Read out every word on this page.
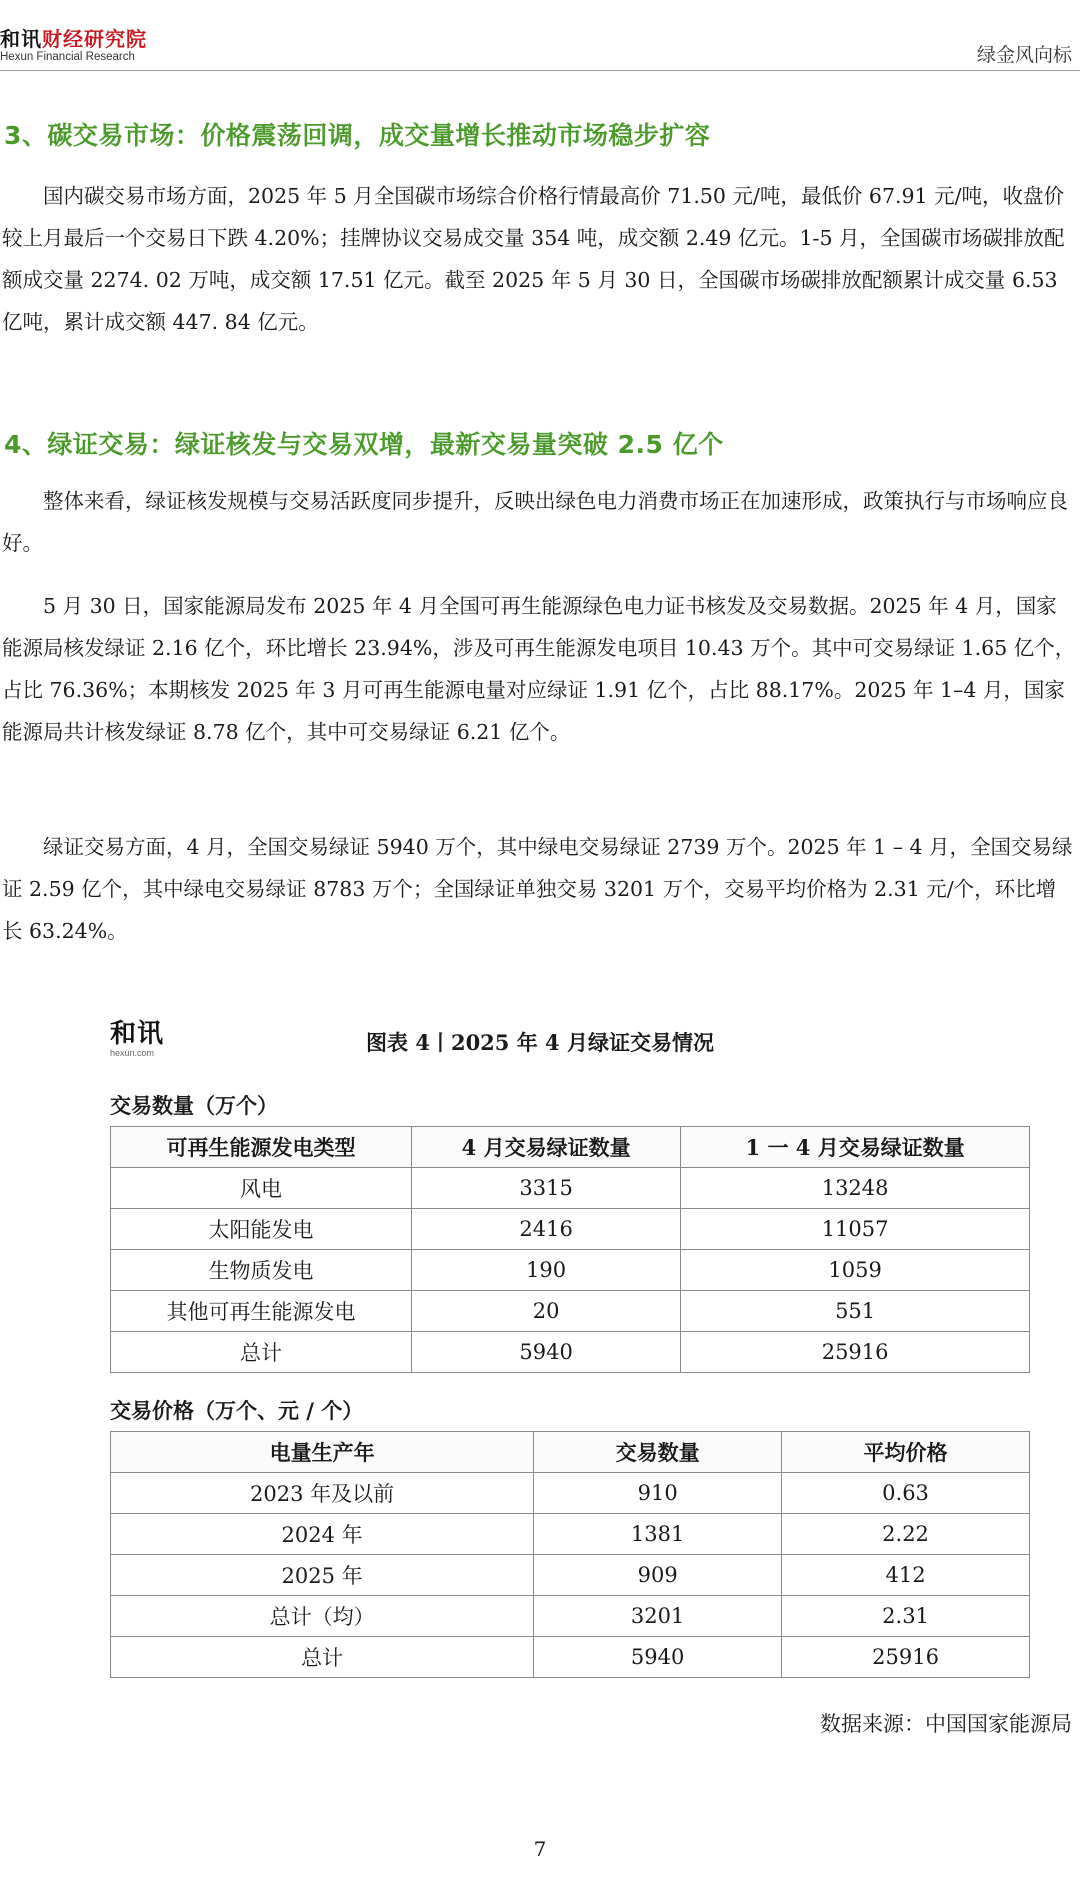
和讯财经研究院
Hexun Financial Research	绿金风向标
3、碳交易市场：价格震荡回调，成交量增长推动市场稳步扩容
国内碳交易市场方面，2025 年 5 月全国碳市场综合价格行情最高价 71.50 元/吨，最低价 67.91 元/吨，收盘价较上月最后一个交易日下跌 4.20%；挂牌协议交易成交量 354 吨，成交额 2.49 亿元。1-5 月，全国碳市场碳排放配额成交量 2274. 02 万吨，成交额 17.51 亿元。截至 2025 年 5 月 30 日，全国碳市场碳排放配额累计成交量 6.53 亿吨，累计成交额 447. 84 亿元。
4、绿证交易：绿证核发与交易双增，最新交易量突破 2.5 亿个
整体来看，绿证核发规模与交易活跃度同步提升，反映出绿色电力消费市场正在加速形成，政策执行与市场响应良好。
5 月 30 日，国家能源局发布 2025 年 4 月全国可再生能源绿色电力证书核发及交易数据。2025 年 4 月，国家能源局核发绿证 2.16 亿个，环比增长 23.94%，涉及可再生能源发电项目 10.43 万个。其中可交易绿证 1.65 亿个，占比 76.36%；本期核发 2025 年 3 月可再生能源电量对应绿证 1.91 亿个，占比 88.17%。2025 年 1–4 月，国家能源局共计核发绿证 8.78 亿个，其中可交易绿证 6.21 亿个。
绿证交易方面，4 月，全国交易绿证 5940 万个，其中绿电交易绿证 2739 万个。2025 年 1 – 4 月，全国交易绿证 2.59 亿个，其中绿电交易绿证 8783 万个；全国绿证单独交易 3201 万个，交易平均价格为 2.31 元/个，环比增长 63.24%。
和讯
hexun.com	图表 4丨2025 年 4 月绿证交易情况
交易数量（万个）
可再生能源发电类型	4 月交易绿证数量	1 一 4 月交易绿证数量
风电	3315	13248
太阳能发电	2416	11057
生物质发电	190	1059
其他可再生能源发电	20	551
总计	5940	25916
交易价格（万个、元 / 个）
电量生产年	交易数量	平均价格
2023 年及以前	910	0.63
2024 年	1381	2.22
2025 年	909	412
总计（均）	3201	2.31
总计	5940	25916
数据来源：中国国家能源局
7
